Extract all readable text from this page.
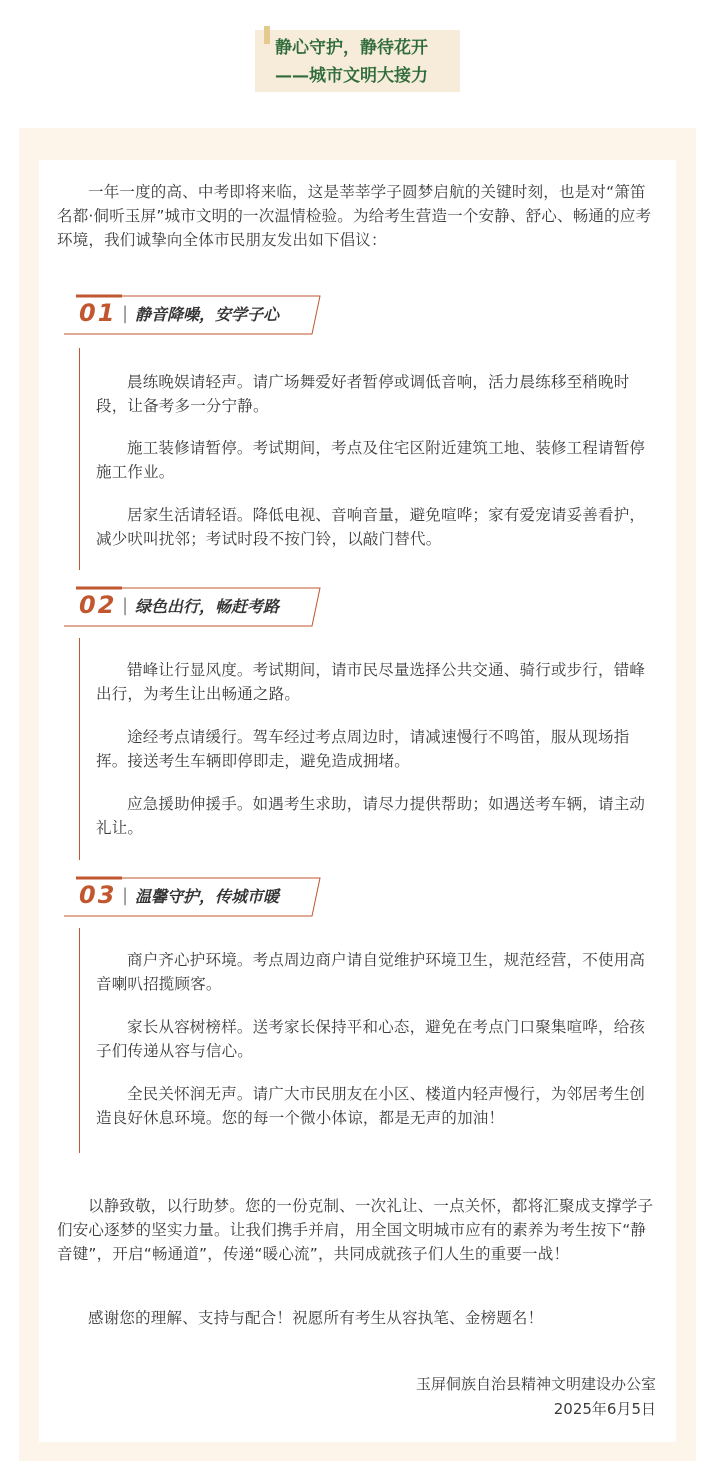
静心守护，静待花开
——城市文明大接力

一年一度的高、中考即将来临，这是莘莘学子圆梦启航的关键时刻，也是对“箫笛名都·侗听玉屏”城市文明的一次温情检验。为给考生营造一个安静、舒心、畅通的应考环境，我们诚挚向全体市民朋友发出如下倡议：

01 | 静音降噪，安学子心

晨练晚娱请轻声。请广场舞爱好者暂停或调低音响，活力晨练移至稍晚时段，让备考多一分宁静。

施工装修请暂停。考试期间，考点及住宅区附近建筑工地、装修工程请暂停施工作业。

居家生活请轻语。降低电视、音响音量，避免喧哗；家有爱宠请妥善看护，减少吠叫扰邻；考试时段不按门铃，以敲门替代。

02 | 绿色出行，畅赶考路

错峰让行显风度。考试期间，请市民尽量选择公共交通、骑行或步行，错峰出行，为考生让出畅通之路。

途经考点请缓行。驾车经过考点周边时，请减速慢行不鸣笛，服从现场指挥。接送考生车辆即停即走，避免造成拥堵。

应急援助伸援手。如遇考生求助，请尽力提供帮助；如遇送考车辆，请主动礼让。

03 | 温馨守护，传城市暖

商户齐心护环境。考点周边商户请自觉维护环境卫生，规范经营，不使用高音喇叭招揽顾客。

家长从容树榜样。送考家长保持平和心态，避免在考点门口聚集喧哗，给孩子们传递从容与信心。

全民关怀润无声。请广大市民朋友在小区、楼道内轻声慢行，为邻居考生创造良好休息环境。您的每一个微小体谅，都是无声的加油！

以静致敬，以行助梦。您的一份克制、一次礼让、一点关怀，都将汇聚成支撑学子们安心逐梦的坚实力量。让我们携手并肩，用全国文明城市应有的素养为考生按下“静音键”，开启“畅通道”，传递“暖心流”，共同成就孩子们人生的重要一战！

感谢您的理解、支持与配合！祝愿所有考生从容执笔、金榜题名！

玉屏侗族自治县精神文明建设办公室
2025年6月5日
